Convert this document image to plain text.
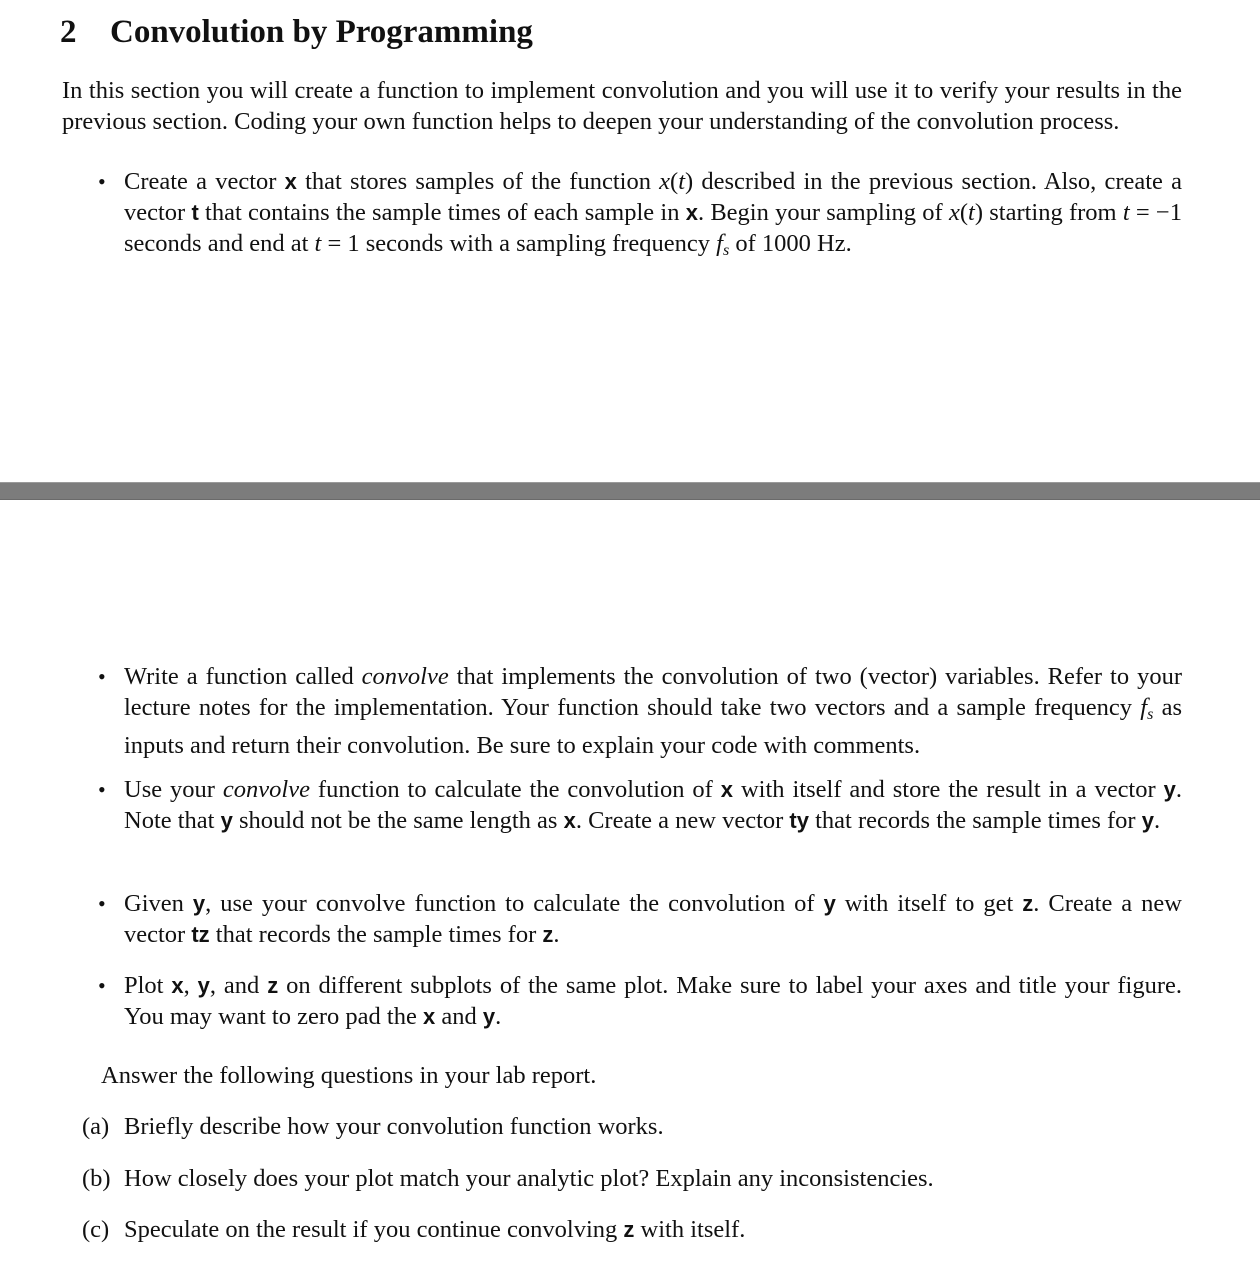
2 Convolution by Programming

In this section you will create a function to implement convolution and you will use it to verify your results in the previous section. Coding your own function helps to deepen your understanding of the convolution process.

• Create a vector x that stores samples of the function x(t) described in the previous section. Also, create a vector t that contains the sample times of each sample in x. Begin your sampling of x(t) starting from t = −1 seconds and end at t = 1 seconds with a sampling frequency $f_s$ of 1000 Hz.

• Write a function called convolve that implements the convolution of two (vector) variables. Refer to your lecture notes for the implementation. Your function should take two vectors and a sample frequency $f_s$ as inputs and return their convolution. Be sure to explain your code with comments.

• Use your convolve function to calculate the convolution of x with itself and store the result in a vector y. Note that y should not be the same length as x. Create a new vector ty that records the sample times for y.

• Given y, use your convolve function to calculate the convolution of y with itself to get z. Create a new vector tz that records the sample times for z.

• Plot x, y, and z on different subplots of the same plot. Make sure to label your axes and title your figure. You may want to zero pad the x and y.

Answer the following questions in your lab report.

(a) Briefly describe how your convolution function works.

(b) How closely does your plot match your analytic plot? Explain any inconsistencies.

(c) Speculate on the result if you continue convolving z with itself.
